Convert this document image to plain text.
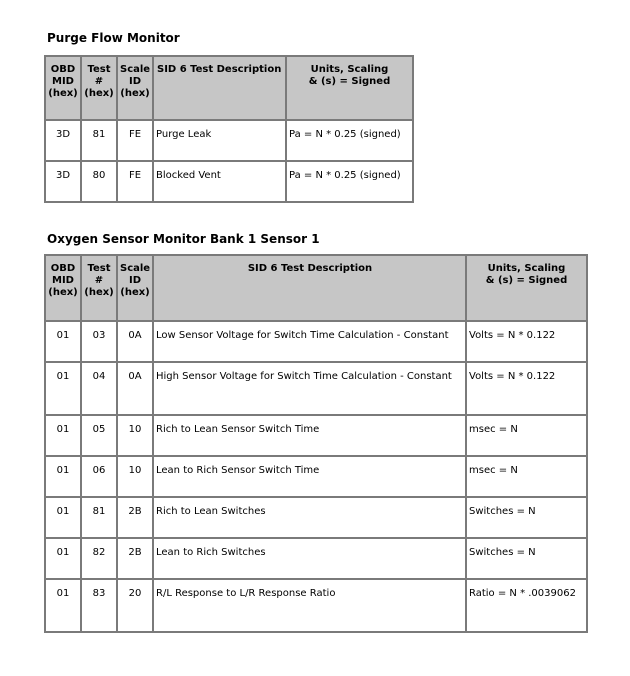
Purge Flow Monitor
OBD
MID
(hex)	Test
#
(hex)	Scale
ID
(hex)	SID 6 Test Description	Units, Scaling
& (s) = Signed

3D	81	FE	Purge Leak	Pa = N * 0.25 (signed)
3D	80	FE	Blocked Vent	Pa = N * 0.25 (signed)
Oxygen Sensor Monitor Bank 1 Sensor 1
OBD
MID
(hex)	Test
#
(hex)	Scale
ID
(hex)	SID 6 Test Description	Units, Scaling
& (s) = Signed

01	03	0A	Low Sensor Voltage for Switch Time Calculation - Constant	Volts = N * 0.122
01	04	0A	High Sensor Voltage for Switch Time Calculation - Constant	Volts = N * 0.122
01	05	10	Rich to Lean Sensor Switch Time	msec = N
01	06	10	Lean to Rich Sensor Switch Time	msec = N
01	81	2B	Rich to Lean Switches	Switches = N
01	82	2B	Lean to Rich Switches	Switches = N
01	83	20	R/L Response to L/R Response Ratio	Ratio = N * .0039062
